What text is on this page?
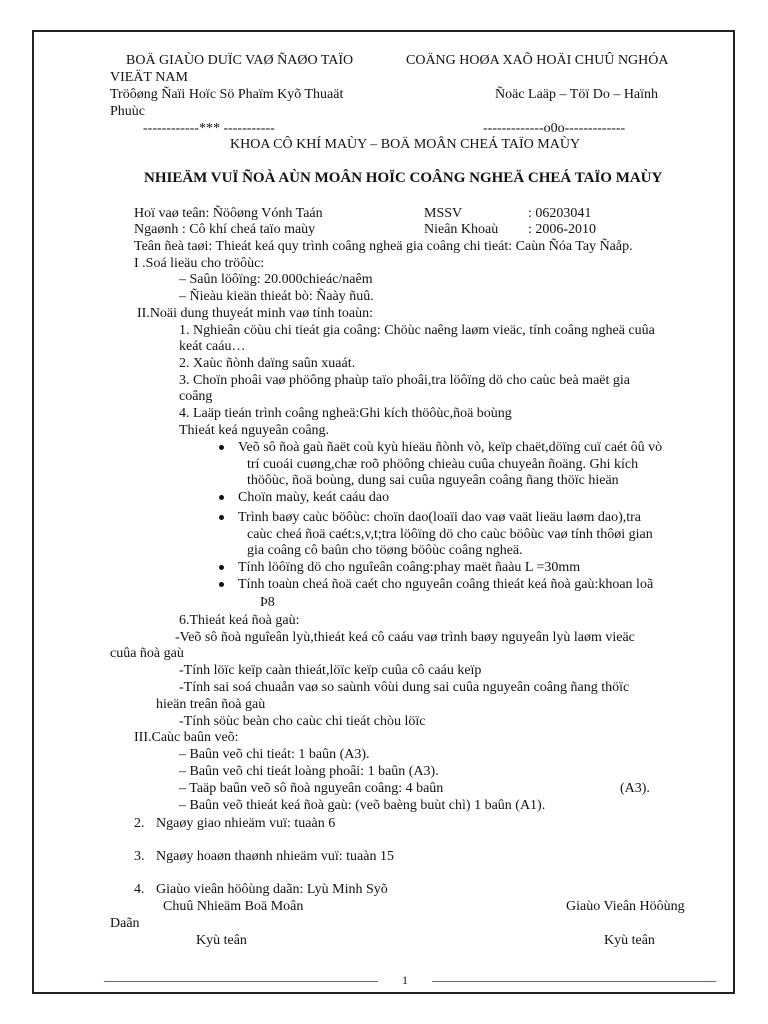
BOÄ GIAÙO DUÏC VAØ ÑAØO TAÏO	COÄNG HOØA XAÕ HOÄI CHUÛ NGHÓA
VIEÄT NAM
Tröôøng Ñaïi Hoïc Sö Phaïm Kyõ Thuaät	Ñoäc Laäp – Töï Do – Haïnh
Phuùc
------------*** -----------	-------------o0o-------------
KHOA CÔ KHÍ MAÙY – BOÄ MOÂN CHEÁ TAÏO MAÙY
NHIEÄM VUÏ ÑOÀ AÙN MOÂN HOÏC COÂNG NGHEÄ CHEÁ TAÏO MAÙY
Hoï vaø teân: Ñöôøng Vónh Taán	MSSV	: 06203041
Ngaønh : Cô khí cheá taïo maùy	Nieân Khoaù : 2006-2010
Teân ñeà taøi: Thieát keá quy trình coâng ngheä gia coâng chi tieát: Caùn Ñóa Tay Ñaåp.
I .Soá lieäu cho tröôùc:
– Saûn löôïng: 20.000chieác/naêm
– Ñieàu kieän thieát bò: Ñaày ñuû.
II.Noäi dung thuyeát minh vaø tính toaùn:
1. Nghieân cöùu chi tieát gia coâng: Chöùc naêng laøm vieäc, tính coâng ngheä cuûa
keát caáu…
2. Xaùc ñònh daïng saûn xuaát.
3. Choïn phoâi vaø phöông phaùp taïo phoâi,tra löôïng dö cho caùc beà maët gia
coâng
4. Laäp tieán trình coâng ngheä:Ghi kích thöôùc,ñoä boùng
Thieát keá nguyeân coâng.
Veõ sô ñoà gaù ñaët coù kyù hieäu ñònh vò, keïp chaët,döïng cuï caét ôû vò
trí cuoái cuøng,chæ roõ phöông chieàu cuûa chuyeån ñoäng. Ghi kích
thöôùc, ñoä boùng, dung sai cuûa nguyeân coâng ñang thöïc hieän
Choïn maùy, keát caáu dao
Trình baøy caùc böôùc: choïn dao(loaïi dao vaø vaät lieäu laøm dao),tra
caùc cheá ñoä caét:s,v,t;tra löôïng dö cho caùc böôùc vaø tính thôøi gian
gia coâng cô baûn cho töøng böôùc coâng ngheä.
Tính löôïng dö cho nguîeân coâng:phay maët ñaàu L =30mm
Tính toaùn cheá ñoä caét cho nguyeân coâng thieát keá ñoà gaù:khoan loã
Þ8
6.Thieát keá ñoà gaù:
-Veõ sô ñoà nguîeân lyù,thieát keá cô caáu vaø trình baøy nguyeân lyù laøm vieäc
cuûa ñoà gaù
-Tính löïc keïp caàn thieát,löïc keïp cuûa cô caáu keïp
-Tính sai soá chuaån vaø so saùnh vôùi dung sai cuûa nguyeân coâng ñang thöïc
hieän treân ñoà gaù
-Tính söùc beàn cho caùc chi tieát chòu löïc
III.Caùc baûn veõ:
– Baûn veõ chi tieát: 1 baûn (A3).
– Baûn veõ chi tieát loàng phoâi: 1 baûn (A3).
– Taäp baûn veõ sô ñoà nguyeân coâng: 4 baûn	(A3).
– Baûn veõ thieát keá ñoà gaù: (veõ baèng buùt chì) 1 baûn (A1).
2. Ngaøy giao nhieäm vuï: tuaàn 6
3. Ngaøy hoaøn thaønh nhieäm vuï: tuaàn 15
4. Giaùo vieân höôùng daãn: Lyù Minh Syõ
Chuû Nhieäm Boä Moân	Giaùo Vieân Höôùng
Daãn
Kyù teân	Kyù teân
1
